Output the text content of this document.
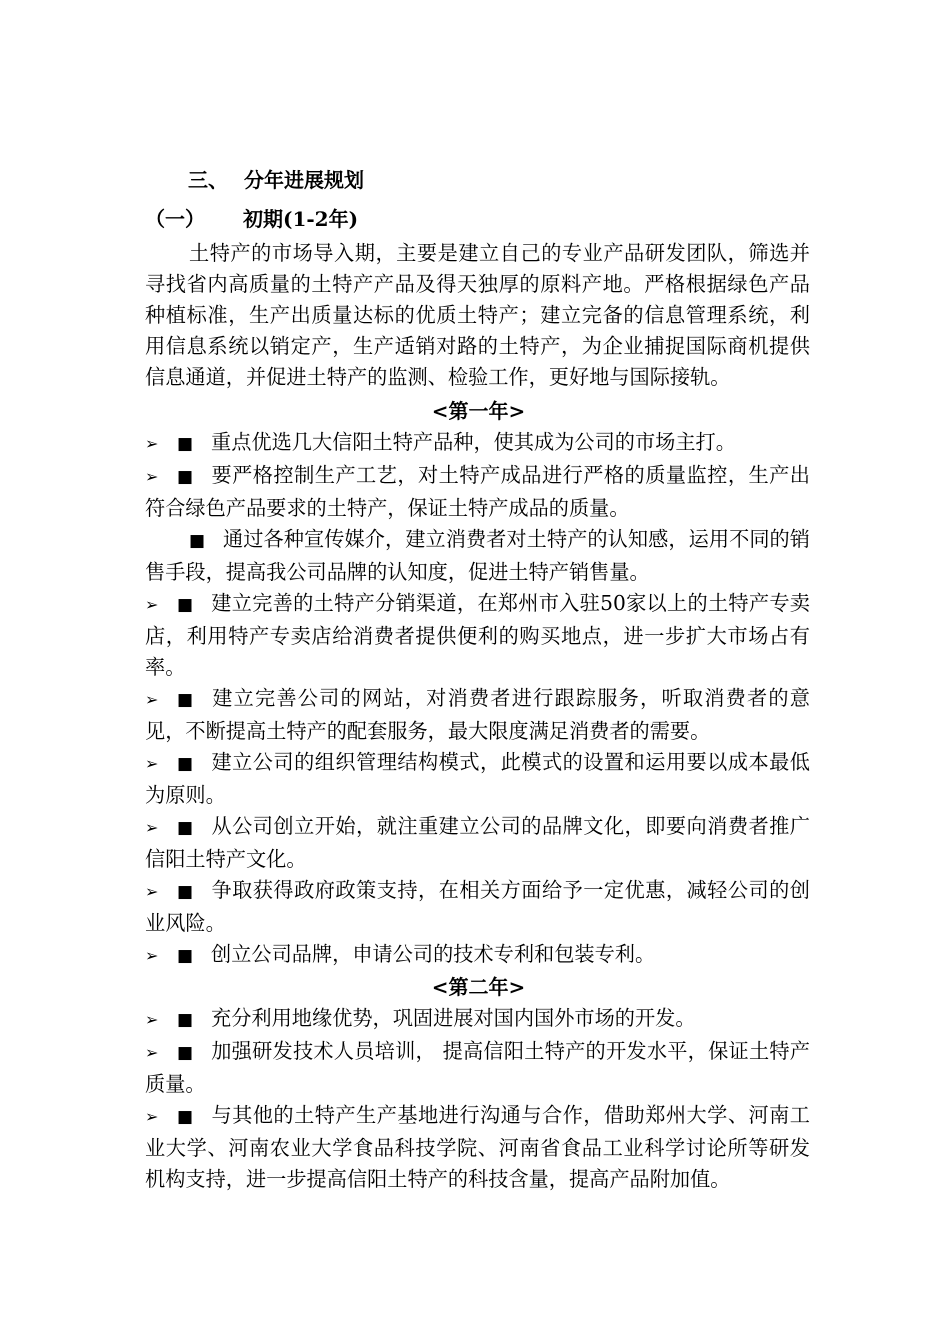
三、 分年进展规划
（一） 初期(1-2年)

土特产的市场导入期，主要是建立自己的专业产品研发团队，筛选并寻找省内高质量的土特产产品及得天独厚的原料产地。严格根据绿色产品种植标准，生产出质量达标的优质土特产；建立完备的信息管理系统，利用信息系统以销定产，生产适销对路的土特产，为企业捕捉国际商机提供信息通道，并促进土特产的监测、检验工作，更好地与国际接轨。

<第一年>

➢ ■ 重点优选几大信阳土特产品种，使其成为公司的市场主打。

➢ ■ 要严格控制生产工艺，对土特产成品进行严格的质量监控，生产出符合绿色产品要求的土特产，保证土特产成品的质量。

■ 通过各种宣传媒介，建立消费者对土特产的认知感，运用不同的销售手段，提高我公司品牌的认知度，促进土特产销售量。

➢ ■ 建立完善的土特产分销渠道，在郑州市入驻50家以上的土特产专卖店，利用特产专卖店给消费者提供便利的购买地点，进一步扩大市场占有率。

➢ ■ 建立完善公司的网站，对消费者进行跟踪服务，听取消费者的意见，不断提高土特产的配套服务，最大限度满足消费者的需要。

➢ ■ 建立公司的组织管理结构模式，此模式的设置和运用要以成本最低为原则。

➢ ■ 从公司创立开始，就注重建立公司的品牌文化，即要向消费者推广信阳土特产文化。

➢ ■ 争取获得政府政策支持，在相关方面给予一定优惠，减轻公司的创业风险。

➢ ■ 创立公司品牌，申请公司的技术专利和包装专利。

<第二年>

➢ ■ 充分利用地缘优势，巩固进展对国内国外市场的开发。

➢ ■ 加强研发技术人员培训， 提高信阳土特产的开发水平，保证土特产质量。

➢ ■ 与其他的土特产生产基地进行沟通与合作，借助郑州大学、河南工业大学、河南农业大学食品科技学院、河南省食品工业科学讨论所等研发机构支持，进一步提高信阳土特产的科技含量，提高产品附加值。
